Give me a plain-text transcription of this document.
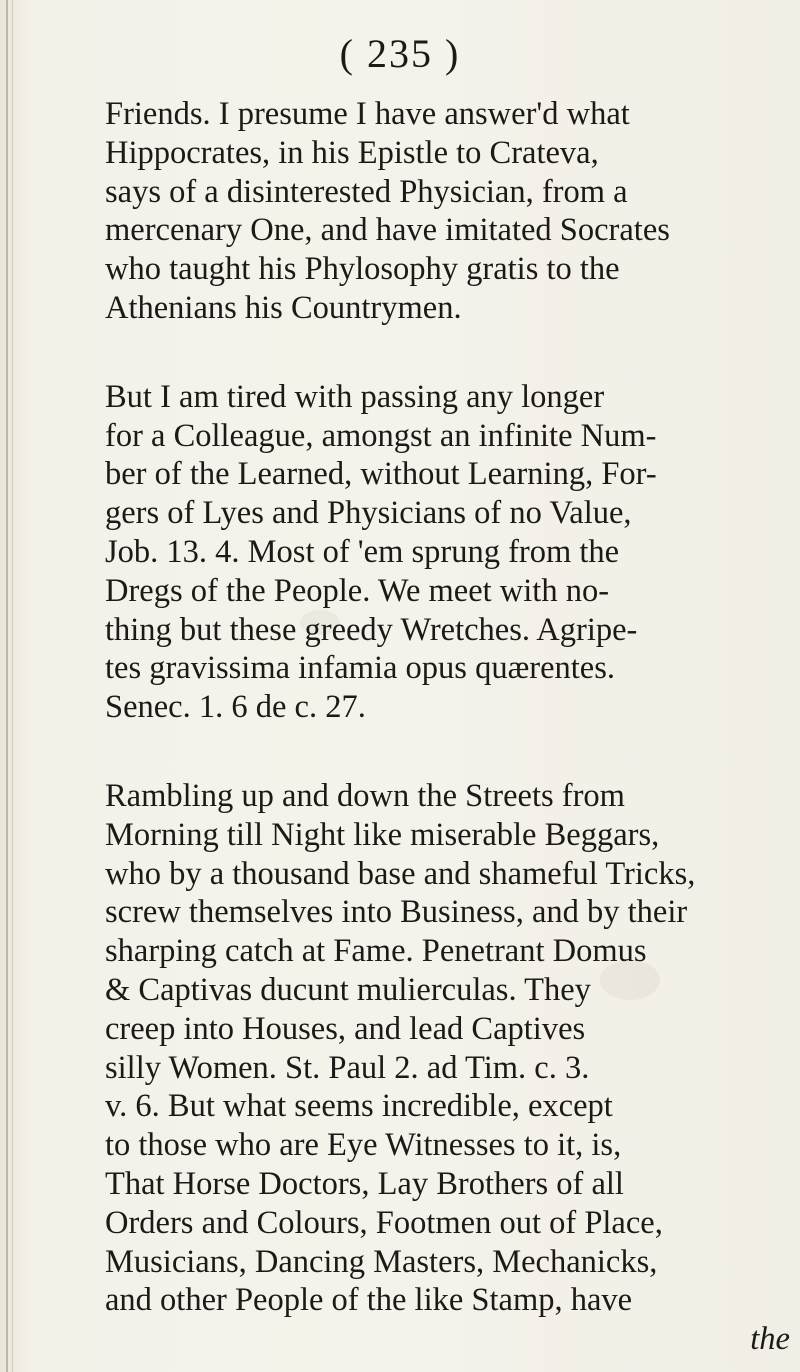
( 235 )
Friends. I presume I have answer'd what
Hippocrates, in his Epistle to Crateva,
says of a disinterested Physician, from a
mercenary One, and have imitated Socrates
who taught his Phylosophy gratis to the
Athenians his Countrymen.
But I am tired with passing any longer
for a Colleague, amongst an infinite Num-
ber of the Learned, without Learning, For-
gers of Lyes and Physicians of no Value,
Job. 13. 4. Most of 'em sprung from the
Dregs of the People. We meet with no-
thing but these greedy Wretches. Agripe-
tes gravissima infamia opus quærentes.
Senec. 1. 6 de c. 27.
Rambling up and down the Streets from
Morning till Night like miserable Beggars,
who by a thousand base and shameful Tricks,
screw themselves into Business, and by their
sharping catch at Fame. Penetrant Domus
& Captivas ducunt mulierculas. They
creep into Houses, and lead Captives
silly Women. St. Paul 2. ad Tim. c. 3.
v. 6. But what seems incredible, except
to those who are Eye Witnesses to it, is,
That Horse Doctors, Lay Brothers of all
Orders and Colours, Footmen out of Place,
Musicians, Dancing Masters, Mechanicks,
and other People of the like Stamp, have
the
